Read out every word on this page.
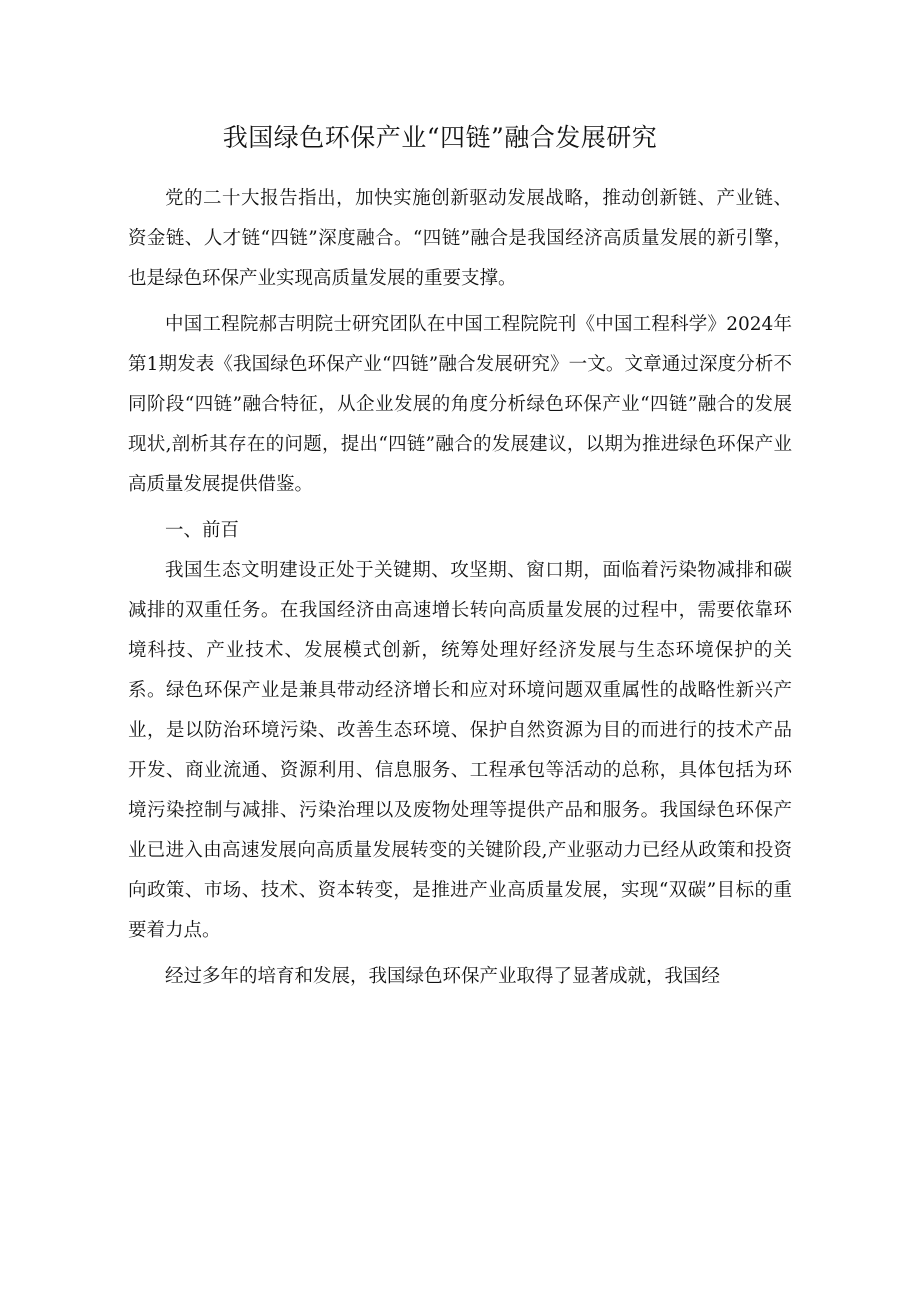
我国绿色环保产业“四链”融合发展研究

党的二十大报告指出，加快实施创新驱动发展战略，推动创新链、产业链、资金链、人才链“四链”深度融合。“四链”融合是我国经济高质量发展的新引擎，也是绿色环保产业实现高质量发展的重要支撑。

中国工程院郝吉明院士研究团队在中国工程院院刊《中国工程科学》2024年第1期发表《我国绿色环保产业“四链”融合发展研究》一文。文章通过深度分析不同阶段“四链”融合特征，从企业发展的角度分析绿色环保产业“四链”融合的发展现状,剖析其存在的问题，提出“四链”融合的发展建议，以期为推进绿色环保产业高质量发展提供借鉴。

一、前百

我国生态文明建设正处于关键期、攻坚期、窗口期，面临着污染物减排和碳减排的双重任务。在我国经济由高速增长转向高质量发展的过程中，需要依靠环境科技、产业技术、发展模式创新，统筹处理好经济发展与生态环境保护的关系。绿色环保产业是兼具带动经济增长和应对环境问题双重属性的战略性新兴产业，是以防治环境污染、改善生态环境、保护自然资源为目的而进行的技术产品开发、商业流通、资源利用、信息服务、工程承包等活动的总称，具体包括为环境污染控制与减排、污染治理以及废物处理等提供产品和服务。我国绿色环保产业已进入由高速发展向高质量发展转变的关键阶段,产业驱动力已经从政策和投资向政策、市场、技术、资本转变，是推进产业高质量发展，实现“双碳”目标的重要着力点。

经过多年的培育和发展，我国绿色环保产业取得了显著成就，我国经
